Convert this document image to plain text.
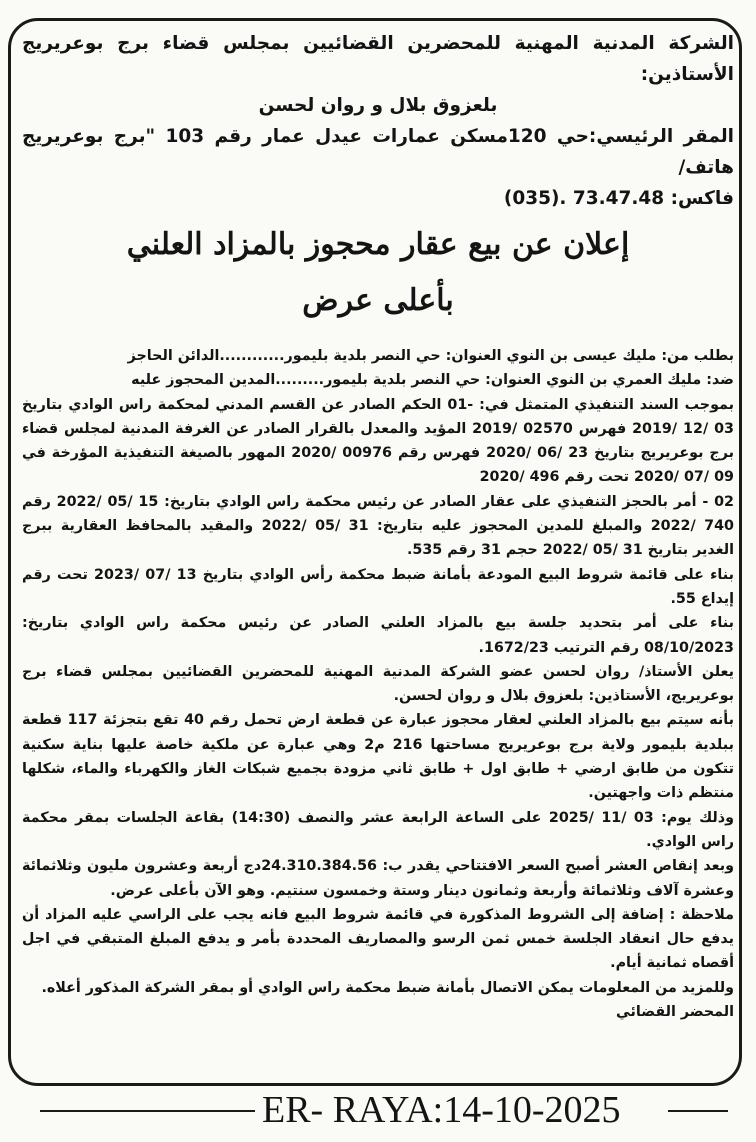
الشركة المدنية المهنية للمحضرين القضائيين بمجلس قضاء برج بوعريريج الأستاذين:

بلعزوق بلال و روان لحسن

المقر الرئيسي:حي 120مسكن عمارات عيدل عمار رقم 103 "برج بوعريريج هاتف/

فاكس: 73.47.48 .(035)

إعلان عن بيع عقار محجوز بالمزاد العلني

بأعلى عرض

بطلب من: مليك عيسى بن النوي العنوان: حي النصر بلدية بليمور............الدائن الحاجز

ضد: مليك العمري بن النوي العنوان: حي النصر بلدية بليمور.........المدين المحجوز عليه

بموجب السند التنفيذي المتمثل في: -01 الحكم الصادر عن القسم المدني لمحكمة راس الوادي بتاريخ 03 /12 /2019 فهرس 02570 /2019 المؤيد والمعدل بالقرار الصادر عن الغرفة المدنية لمجلس قضاء برج بوعريريج بتاريخ 23 /06 /2020 فهرس رقم 00976 /2020 المهور بالصيغة التنفيذية المؤرخة في 09 /07 /2020 تحت رقم 496 /2020

02 - أمر بالحجز التنفيذي على عقار الصادر عن رئيس محكمة راس الوادي بتاريخ: 15 /05 /2022 رقم 740 /2022 والمبلغ للمدين المحجوز عليه بتاريخ: 31 /05 /2022 والمقيد بالمحافظ العقارية ببرج الغدير بتاريخ 31 /05 /2022 حجم 31 رقم 535.

بناء على قائمة شروط البيع المودعة بأمانة ضبط محكمة رأس الوادي بتاريخ 13 /07 /2023 تحت رقم إيداع 55.

بناء على أمر بتحديد جلسة بيع بالمزاد العلني الصادر عن رئيس محكمة راس الوادي بتاريخ: 08/10/2023 رقم الترتيب 1672/23.

يعلن الأستاذ/ روان لحسن عضو الشركة المدنية المهنية للمحضرين القضائيين بمجلس قضاء برج بوعريريج، الأستاذين: بلعزوق بلال و روان لحسن.

بأنه سيتم بيع بالمزاد العلني لعقار محجوز عبارة عن قطعة ارض تحمل رقم 40 تقع بتجزئة 117 قطعة ببلدية بليمور ولاية برج بوعريريج مساحتها 216 م2 وهي عبارة عن ملكية خاصة عليها بناية سكنية تتكون من طابق ارضي + طابق اول + طابق ثاني مزودة بجميع شبكات الغاز والكهرباء والماء، شكلها منتظم ذات واجهتين.

وذلك يوم: 03 /11 /2025 على الساعة الرابعة عشر والنصف (14:30) بقاعة الجلسات بمقر محكمة راس الوادي.

وبعد إنقاص العشر أصبح السعر الافتتاحي يقدر ب: 24.310.384.56دج أربعة وعشرون مليون وثلاثمائة وعشرة آلاف وثلاثمائة وأربعة وثمانون دينار وستة وخمسون سنتيم. وهو الآن بأعلى عرض.

ملاحظة : إضافة إلى الشروط المذكورة في قائمة شروط البيع فانه يجب على الراسي عليه المزاد أن يدفع حال انعقاد الجلسة خمس ثمن الرسو والمصاريف المحددة بأمر و يدفع المبلغ المتبقي في اجل أقصاه ثمانية أيام.

وللمزيد من المعلومات يمكن الاتصال بأمانة ضبط محكمة راس الوادي أو بمقر الشركة المذكور أعلاه.

المحضر القضائي

ER- RAYA:14-10-2025
